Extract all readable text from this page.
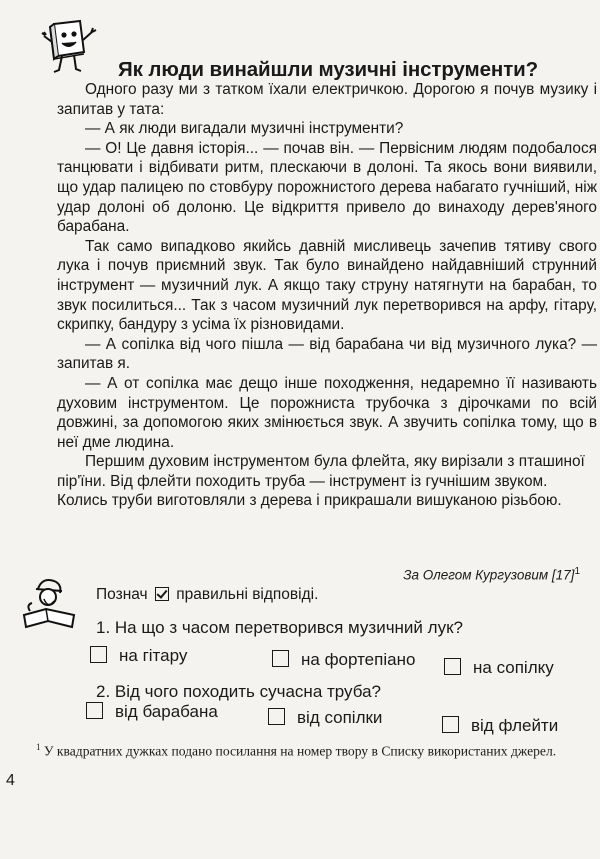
Як люди винайшли музичні інструменти?

Одного разу ми з татком їхали електричкою. Дорогою я почув музику і запитав у тата:

— А як люди вигадали музичні інструменти?

— О! Це давня історія... — почав він. — Первісним людям подобалося танцювати і відбивати ритм, плескаючи в долоні. Та якось вони виявили, що удар палицею по стовбуру порожнистого дерева набагато гучніший, ніж удар долоні об долоню. Це відкриття привело до винаходу дерев'яного барабана.

Так само випадково якийсь давній мисливець зачепив тятиву свого лука і почув приємний звук. Так було винайдено найдавніший струнний інструмент — музичний лук. А якщо таку струну натягнути на барабан, то звук посилиться... Так з часом музичний лук перетворився на арфу, гітару, скрипку, бандуру з усіма їх різновидами.

— А сопілка від чого пішла — від барабана чи від музичного лука? — запитав я.

— А от сопілка має дещо інше походження, недаремно її називають духовим інструментом. Це порожниста трубочка з дірочками по всій довжині, за допомогою яких змінюється звук. А звучить сопілка тому, що в неї дме людина.

Першим духовим інструментом була флейта, яку вирізали з пташиної пір'їни. Від флейти походить труба — інструмент із гучнішим звуком. Колись труби виготовляли з дерева і прикрашали вишуканою різьбою.

За Олегом Кургузовим $[17]^1$
Познач правильні відповіді.
1. На що з часом перетворився музичний лук?
на гітару	на фортепіано	на сопілку
2. Від чого походить сучасна труба?
від барабана	від сопілки	від флейти
$^1$ У квадратних дужках подано посилання на номер твору в Списку використаних джерел.
4
